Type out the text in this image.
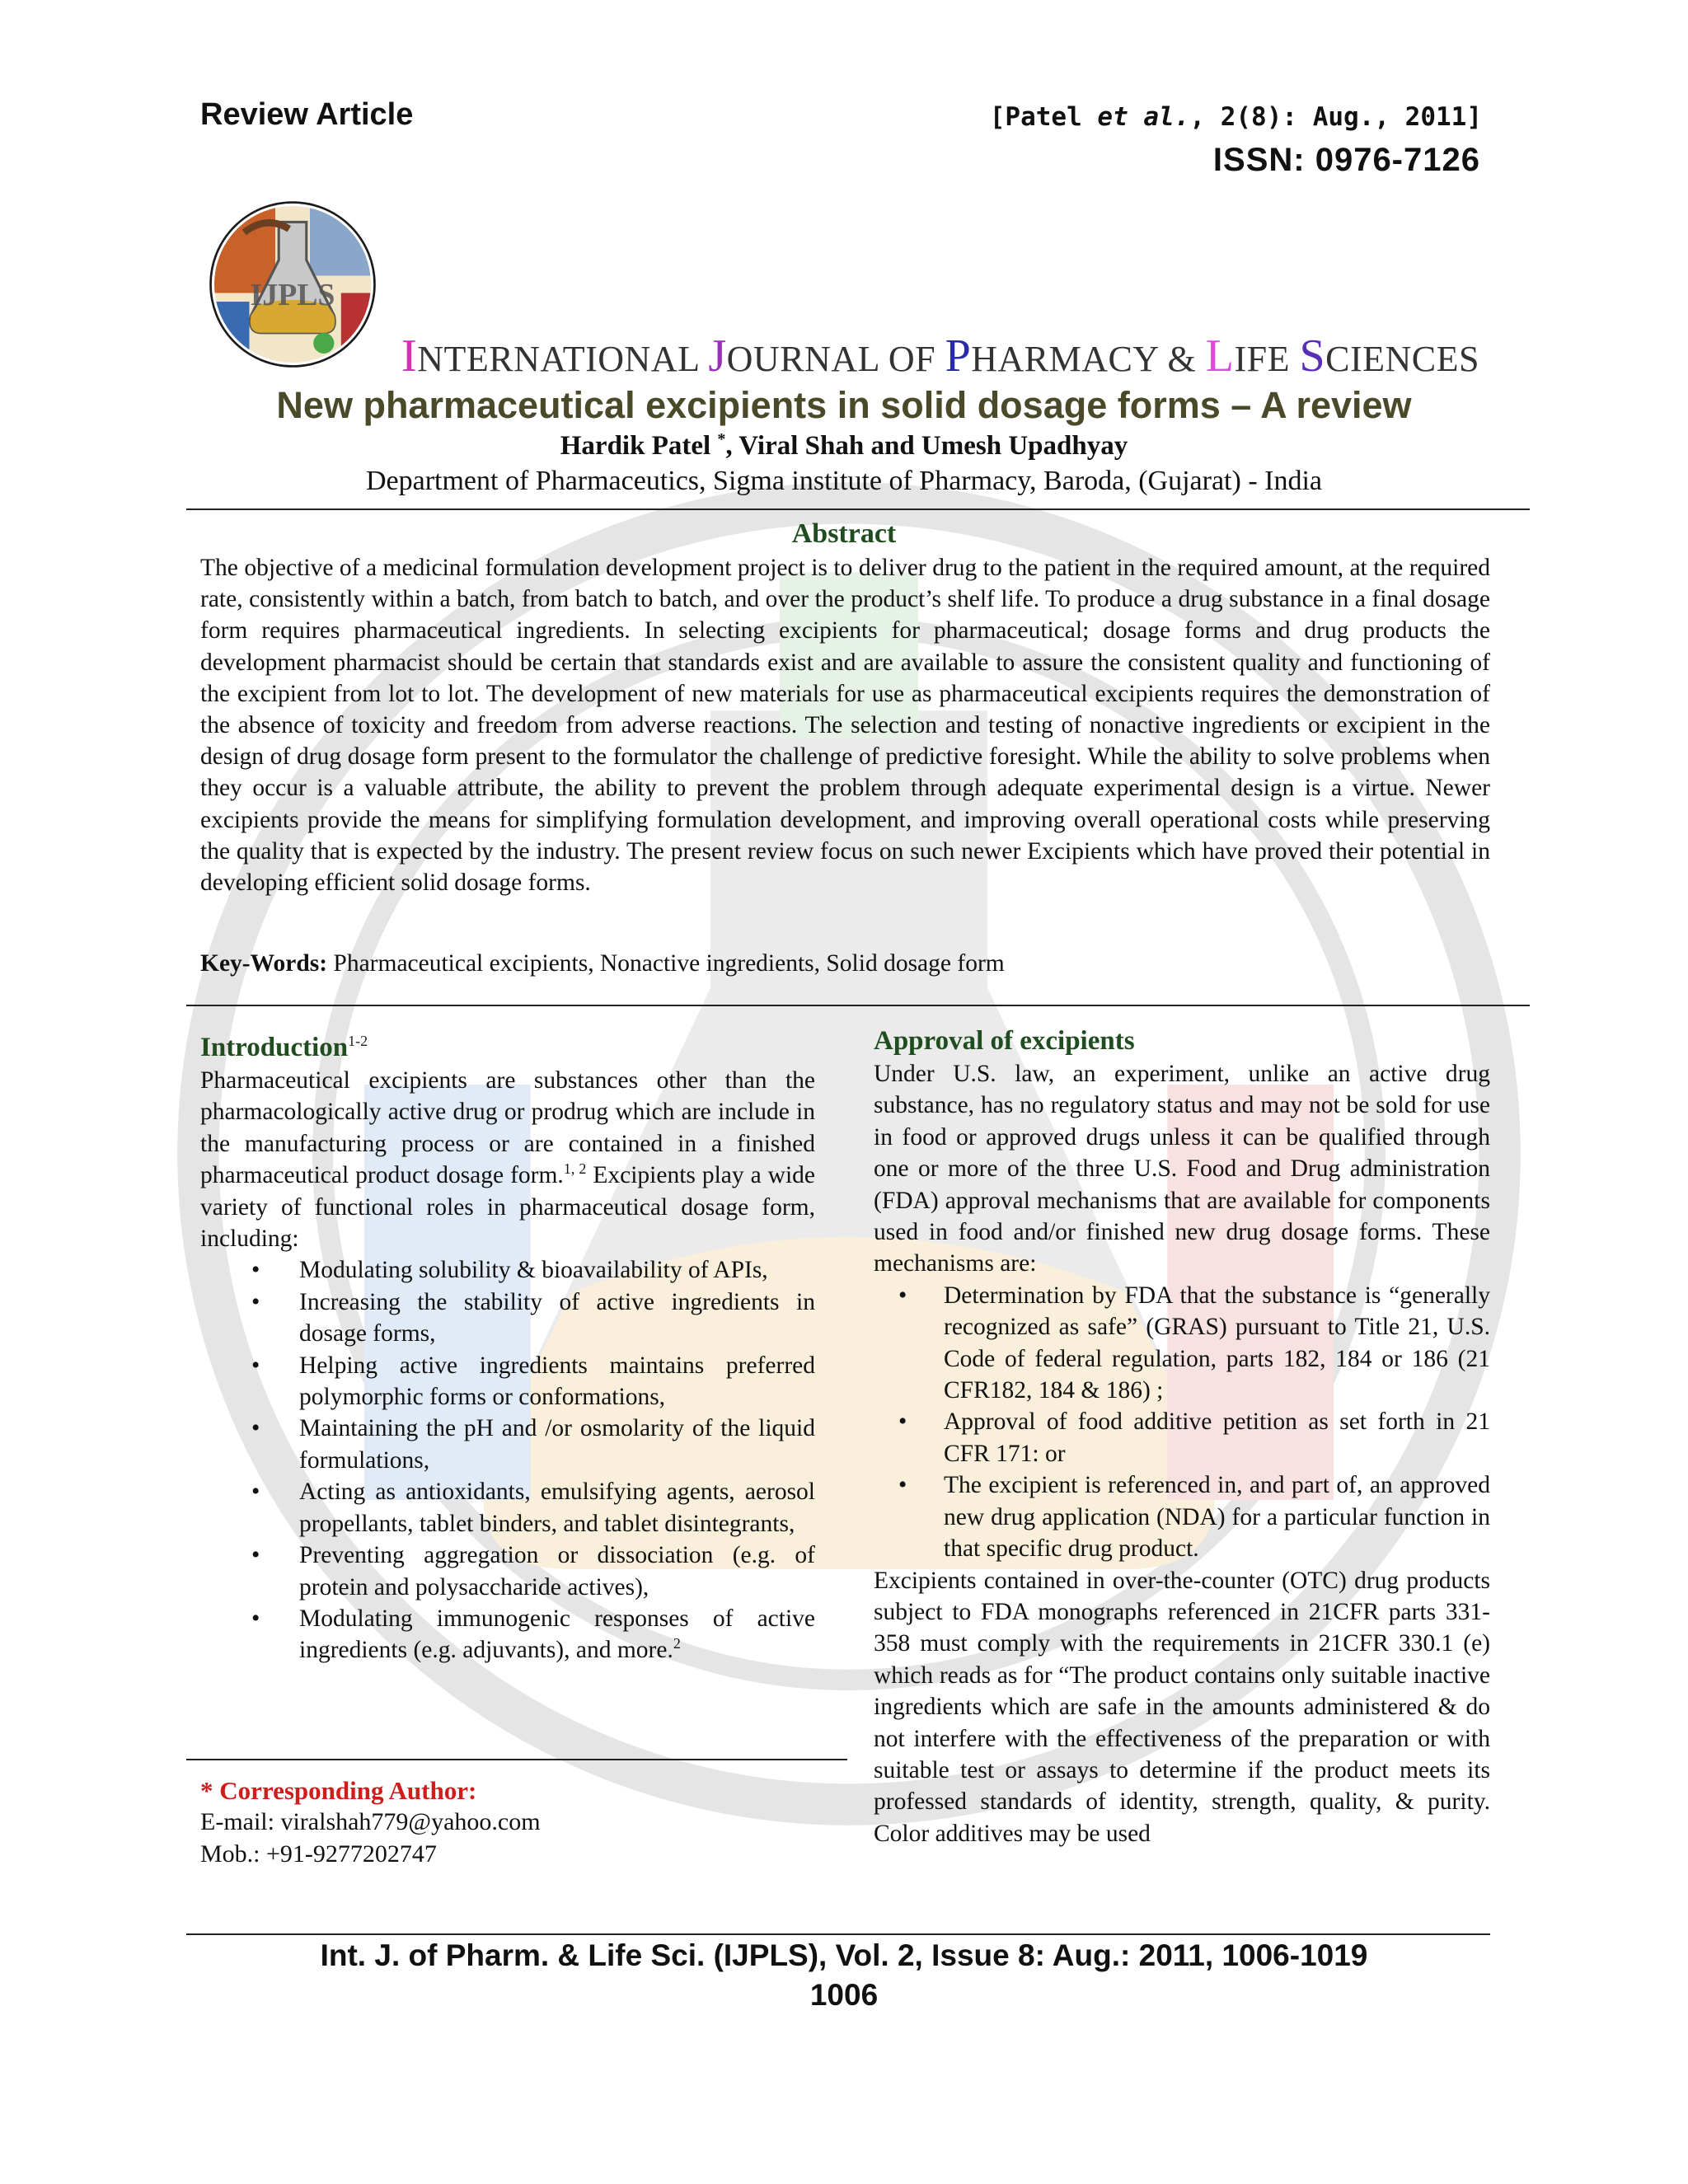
Review Article	[Patel et al., 2(8): Aug., 2011]
ISSN: 0976-7126
IJPLS
INTERNATIONAL JOURNAL OF PHARMACY & LIFE SCIENCES
New pharmaceutical excipients in solid dosage forms – A review
Hardik Patel *, Viral Shah and Umesh Upadhyay
Department of Pharmaceutics, Sigma institute of Pharmacy, Baroda, (Gujarat) - India
Abstract
The objective of a medicinal formulation development project is to deliver drug to the patient in the required amount, at the required rate, consistently within a batch, from batch to batch, and over the product’s shelf life. To produce a drug substance in a final dosage form requires pharmaceutical ingredients. In selecting excipients for pharmaceutical; dosage forms and drug products the development pharmacist should be certain that standards exist and are available to assure the consistent quality and functioning of the excipient from lot to lot. The development of new materials for use as pharmaceutical excipients requires the demonstration of the absence of toxicity and freedom from adverse reactions. The selection and testing of nonactive ingredients or excipient in the design of drug dosage form present to the formulator the challenge of predictive foresight. While the ability to solve problems when they occur is a valuable attribute, the ability to prevent the problem through adequate experimental design is a virtue. Newer excipients provide the means for simplifying formulation development, and improving overall operational costs while preserving the quality that is expected by the industry. The present review focus on such newer Excipients which have proved their potential in developing efficient solid dosage forms.
Key-Words: Pharmaceutical excipients, Nonactive ingredients, Solid dosage form
Introduction$^{1-2}$
Pharmaceutical excipients are substances other than the pharmacologically active drug or prodrug which are include in the manufacturing process or are contained in a finished pharmaceutical product dosage form.$^{1, 2}$ Excipients play a wide variety of functional roles in pharmaceutical dosage form, including:
• Modulating solubility & bioavailability of APIs,
• Increasing the stability of active ingredients in dosage forms,
• Helping active ingredients maintains preferred polymorphic forms or conformations,
• Maintaining the pH and /or osmolarity of the liquid formulations,
• Acting as antioxidants, emulsifying agents, aerosol propellants, tablet binders, and tablet disintegrants,
• Preventing aggregation or dissociation (e.g. of protein and polysaccharide actives),
• Modulating immunogenic responses of active ingredients (e.g. adjuvants), and more.$^2$
* Corresponding Author:
E-mail: viralshah779@yahoo.com
Mob.: +91-9277202747
Approval of excipients
Under U.S. law, an experiment, unlike an active drug substance, has no regulatory status and may not be sold for use in food or approved drugs unless it can be qualified through one or more of the three U.S. Food and Drug administration (FDA) approval mechanisms that are available for components used in food and/or finished new drug dosage forms. These mechanisms are:
• Determination by FDA that the substance is “generally recognized as safe” (GRAS) pursuant to Title 21, U.S. Code of federal regulation, parts 182, 184 or 186 (21 CFR182, 184 & 186) ;
• Approval of food additive petition as set forth in 21 CFR 171: or
• The excipient is referenced in, and part of, an approved new drug application (NDA) for a particular function in that specific drug product.
Excipients contained in over-the-counter (OTC) drug products subject to FDA monographs referenced in 21CFR parts 331-358 must comply with the requirements in 21CFR 330.1 (e) which reads as for “The product contains only suitable inactive ingredients which are safe in the amounts administered & do not interfere with the effectiveness of the preparation or with suitable test or assays to determine if the product meets its professed standards of identity, strength, quality, & purity. Color additives may be used
Int. J. of Pharm. & Life Sci. (IJPLS), Vol. 2, Issue 8: Aug.: 2011, 1006-1019
1006
